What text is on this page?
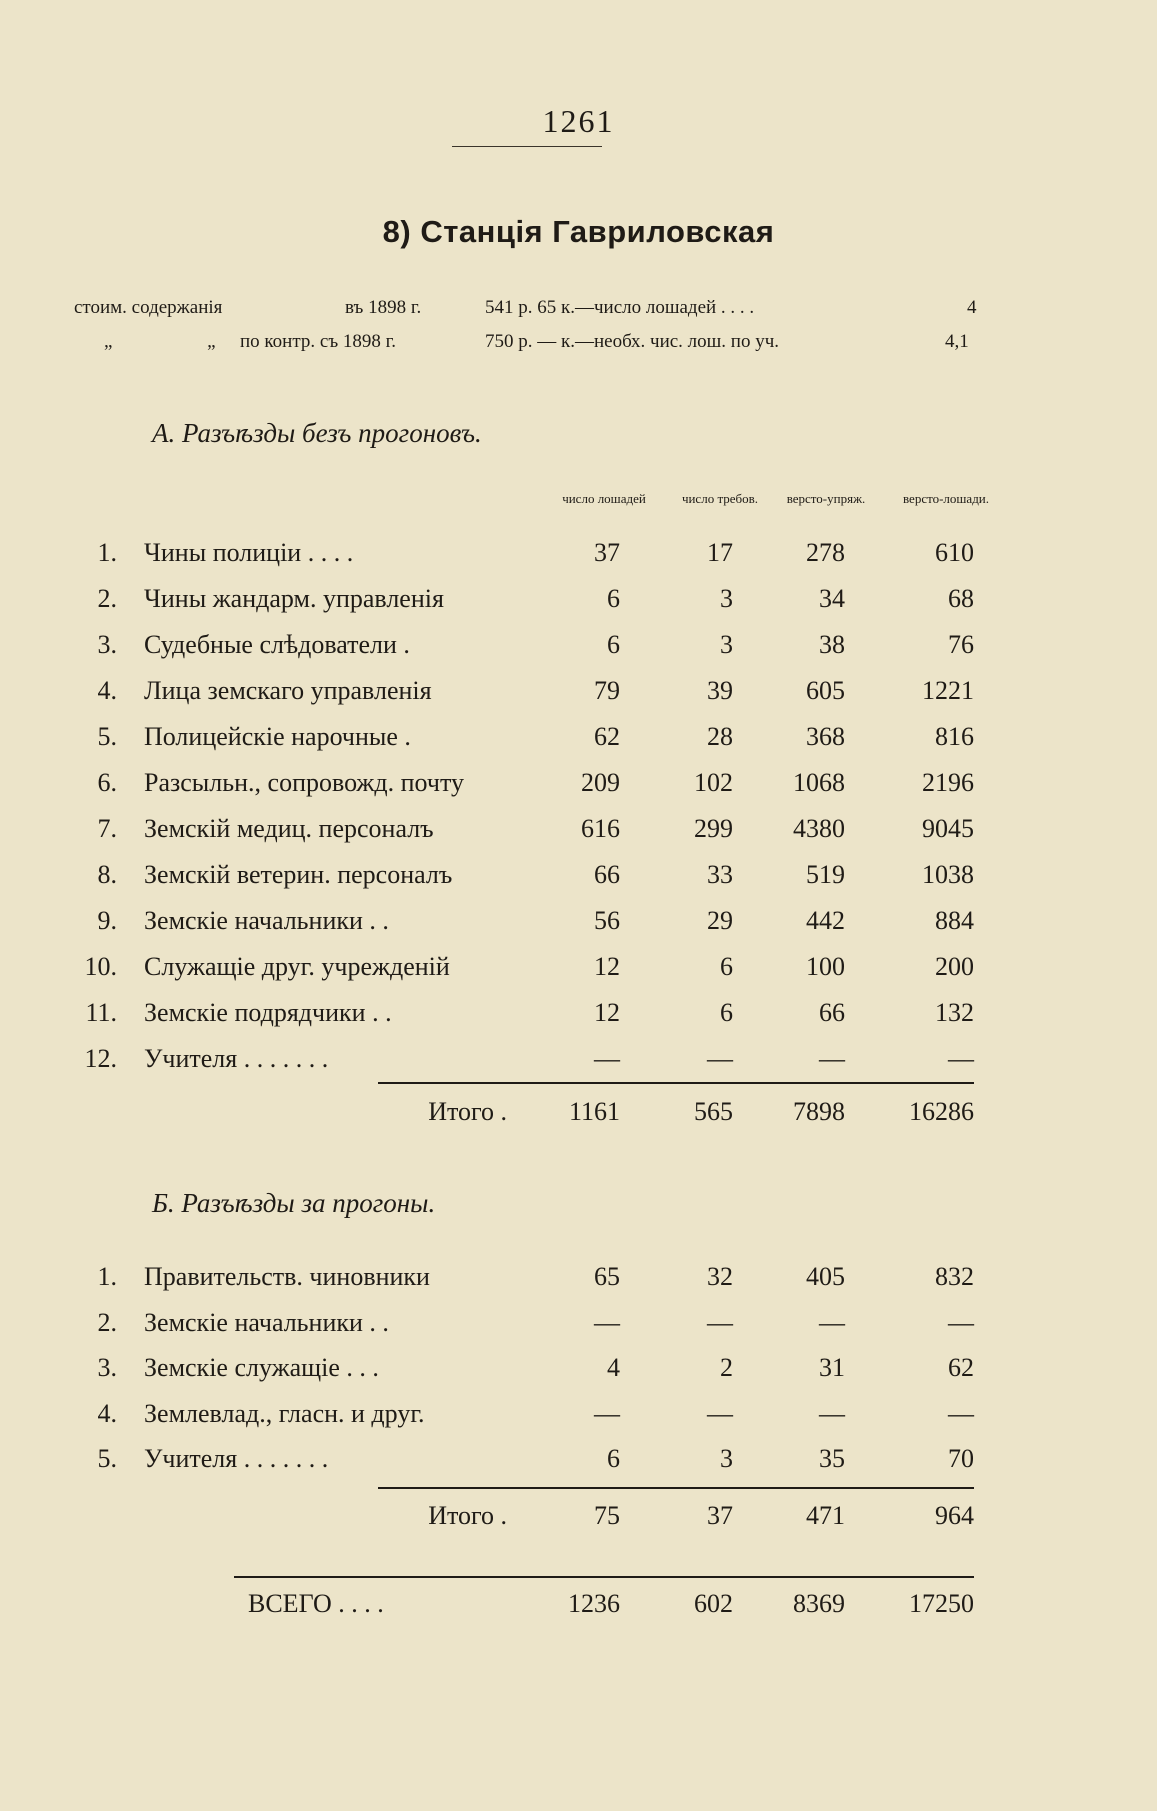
1261
8) Станція Гавриловская
стоим. содержанія	въ 1898 г.	541 р. 65 к.—число лошадей . . . .	4
„ „ по контр. съ 1898 г.	750 р. — к.—необх. чис. лош. по уч.	4,1
А. Разъѣзды безъ прогоновъ.
число лошадей	число требов.	версто-упряж.	версто-лошади.
1. Чины полиціи . . . .	37	17	278	610
2. Чины жандарм. управленія	6	3	34	68
3. Судебные слѣдователи .	6	3	38	76
4. Лица земскаго управленія	79	39	605	1221
5. Полицейскіе нарочные .	62	28	368	816
6. Разсыльн., сопровожд. почту	209	102 1068	2196
7. Земскій медиц. персоналъ	616	299 4380	9045
8. Земскій ветерин. персоналъ	66	33	519	1038
9. Земскіе начальники . .	56	29	442	884
10. Служащіе друг. учрежденій	12	6	100	200
11. Земскіе подрядчики . .	12	6	66	132
12. Учителя . . . . . . .	—	—	—	—
Итого . 1161	565 7898 16286
Б. Разъѣзды за прогоны.
1. Правительств. чиновники	65	32	405	832
2. Земскіе начальники . .	—	—	—	—
3. Земскіе служащіе . . .	4	2	31	62
4. Землевлад., гласн. и друг.	—	—	—	—
5. Учителя . . . . . . .	6	3	35	70
Итого .	75	37	471	964
ВСЕГО . . . .	1236	602 8369 17250
